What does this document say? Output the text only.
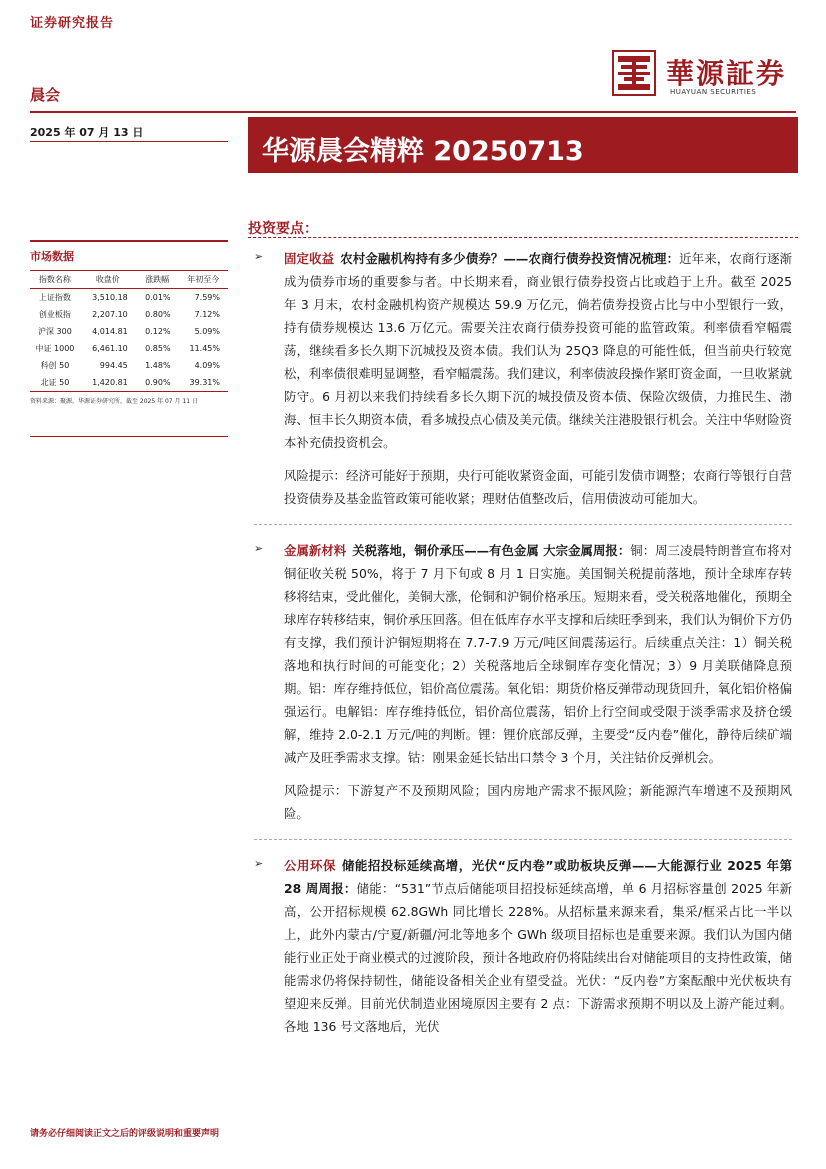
证券研究报告
華源証券
HUAYUAN SECURITIES
晨会
2025 年 07 月 13 日
华源晨会精粹 20250713
投资要点：
市场数据
指数名称	收盘价	涨跌幅	年初至今
上证指数	3,510.18	0.01%	7.59%
创业板指	2,207.10	0.80%	7.12%
沪深 300	4,014.81	0.12%	5.09%
中证 1000	6,461.10	0.85%	11.45%
科创 50	994.45	1.48%	4.09%
北证 50	1,420.81	0.90%	39.31%
资料来源：聚源，华源证券研究所，截至 2025 年 07 月 11 日
➢ 固定收益 农村金融机构持有多少债券？——农商行债券投资情况梳理：近年来，农商行逐渐成为债券市场的重要参与者。中长期来看，商业银行债券投资占比或趋于上升。截至 2025 年 3 月末，农村金融机构资产规模达 59.9 万亿元，倘若债券投资占比与中小型银行一致，持有债券规模达 13.6 万亿元。需要关注农商行债券投资可能的监管政策。利率债看窄幅震荡，继续看多长久期下沉城投及资本债。我们认为 25Q3 降息的可能性低，但当前央行较宽松，利率债很难明显调整，看窄幅震荡。我们建议，利率债波段操作紧盯资金面，一旦收紧就防守。6 月初以来我们持续看多长久期下沉的城投债及资本债、保险次级债，力推民生、渤海、恒丰长久期资本债，看多城投点心债及美元债。继续关注港股银行机会。关注中华财险资本补充债投资机会。

风险提示：经济可能好于预期，央行可能收紧资金面，可能引发债市调整；农商行等银行自营投资债券及基金监管政策可能收紧；理财估值整改后，信用债波动可能加大。

➢ 金属新材料 关税落地，铜价承压——有色金属 大宗金属周报：铜：周三凌晨特朗普宣布将对铜征收关税 50%，将于 7 月下旬或 8 月 1 日实施。美国铜关税提前落地，预计全球库存转移将结束，受此催化，美铜大涨，伦铜和沪铜价格承压。短期来看，受关税落地催化，预期全球库存转移结束，铜价承压回落。但在低库存水平支撑和后续旺季到来，我们认为铜价下方仍有支撑，我们预计沪铜短期将在 7.7-7.9 万元/吨区间震荡运行。后续重点关注：1）铜关税落地和执行时间的可能变化；2）关税落地后全球铜库存变化情况；3）9 月美联储降息预期。铝：库存维持低位，铝价高位震荡。氧化铝：期货价格反弹带动现货回升，氧化铝价格偏强运行。电解铝：库存维持低位，铝价高位震荡，铝价上行空间或受限于淡季需求及挤仓缓解，维持 2.0-2.1 万元/吨的判断。锂：锂价底部反弹，主要受“反内卷”催化，静待后续矿端减产及旺季需求支撑。钴：刚果金延长钴出口禁令 3 个月，关注钴价反弹机会。

风险提示：下游复产不及预期风险；国内房地产需求不振风险；新能源汽车增速不及预期风险。

➢ 公用环保 储能招投标延续高增，光伏“反内卷”或助板块反弹——大能源行业 2025 年第 28 周周报：储能：“531”节点后储能项目招投标延续高增，单 6 月招标容量创 2025 年新高，公开招标规模 62.8GWh 同比增长 228%。从招标量来源来看，集采/框采占比一半以上，此外内蒙古/宁夏/新疆/河北等地多个 GWh 级项目招标也是重要来源。我们认为国内储能行业正处于商业模式的过渡阶段，预计各地政府仍将陆续出台对储能项目的支持性政策，储能需求仍将保持韧性，储能设备相关企业有望受益。光伏：“反内卷”方案酝酿中光伏板块有望迎来反弹。目前光伏制造业困境原因主要有 2 点：下游需求预期不明以及上游产能过剩。各地 136 号文落地后，光伏

请务必仔细阅读正文之后的评级说明和重要声明
